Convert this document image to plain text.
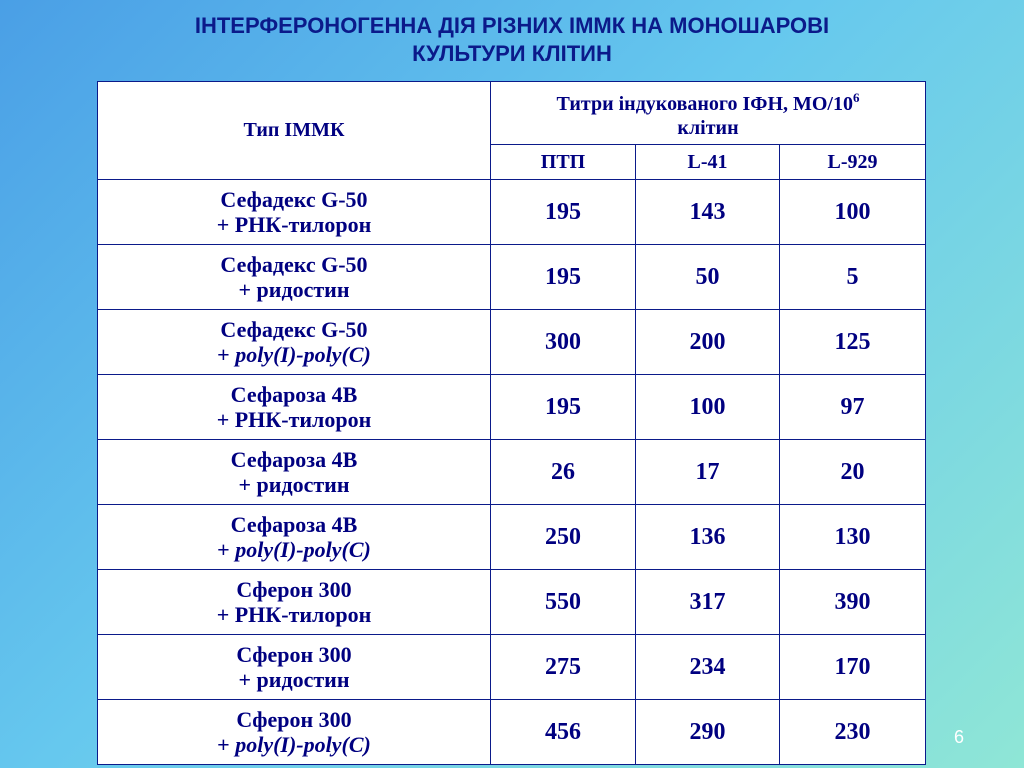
ІНТЕРФЕРОНОГЕННА ДІЯ РІЗНИХ ІММК НА МОНОШАРОВІ
КУЛЬТУРИ КЛІТИН
Тип ІММК	Титри індукованого ІФН, $МО/10^6$
клітин		
	ПТП	L-41	L-929

Сефадекс G-50
+ РНК-тилорон	195	143	100

Сефадекс G-50
+ ридостин	195	50	5

Сефадекс G-50
+ poly(I)-poly(C)	300	200	125

Сефароза 4В
+ РНК-тилорон	195	100	97

Сефароза 4В
+ ридостин	26	17	20

Сефароза 4В
+ poly(I)-poly(C)	250	136	130

Сферон 300
+ РНК-тилорон	550	317	390

Сферон 300
+ ридостин	275	234	170

Сферон 300
+ poly(I)-poly(C)	456	290	230	6
